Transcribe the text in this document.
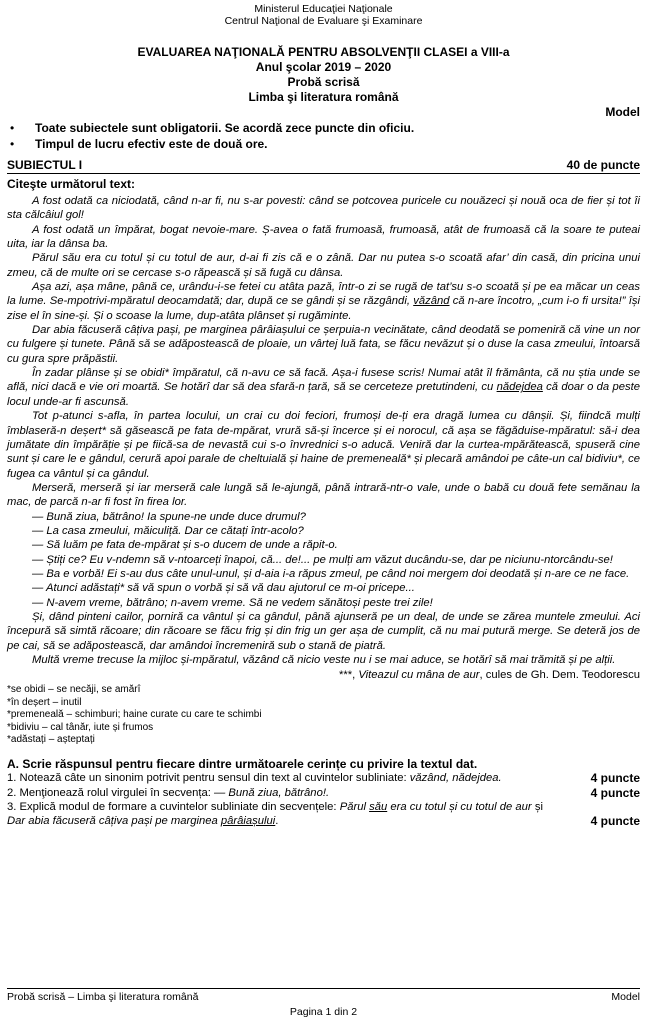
Ministerul Educaţiei Naţionale
Centrul Naţional de Evaluare şi Examinare
EVALUAREA NAŢIONALĂ PENTRU ABSOLVENŢII CLASEI a VIII-a
Anul şcolar 2019 – 2020
Probă scrisă
Limba şi literatura română
Model
• Toate subiectele sunt obligatorii. Se acordă zece puncte din oficiu.
• Timpul de lucru efectiv este de două ore.
SUBIECTUL I	40 de puncte
Citeşte următorul text:

A fost odată ca niciodată, când n-ar fi, nu s-ar povesti: când se potcovea puricele cu nouăzeci și nouă oca de fier și tot îi sta călcâiul gol!

A fost odată un împărat, bogat nevoie-mare. Ș-avea o fată frumoasă, frumoasă, atât de frumoasă că la soare te puteai uita, iar la dânsa ba.

Părul său era cu totul și cu totul de aur, d-ai fi zis că e o zână. Dar nu putea s-o scoată afar’ din casă, din pricina unui zmeu, că de multe ori se cercase s-o răpească și să fugă cu dânsa.

Așa azi, așa mâne, până ce, urându-i-se fetei cu atâta pază, într-o zi se rugă de tat’su s-o scoată și pe ea măcar un ceas la lume. Se-mpotrivi-mpăratul deocamdată; dar, după ce se gândi și se răzgândi, văzând că n-are încotro, „cum i-o fi ursita!” își zise el în sine-și. Și o scoase la lume, dup-atâta plânset și rugăminte.

Dar abia făcuseră câțiva pași, pe marginea pârâiașului ce șerpuia-n vecinătate, când deodată se pomeniră că vine un nor cu fulgere și tunete. Până să se adăpostească de ploaie, un vârtej luă fata, se făcu nevăzut și o duse la casa zmeului, întoarsă cu gura spre prăpăstii.

În zadar plânse și se obidi* împăratul, că n-avu ce să facă. Așa-i fusese scris! Numai atât îl frământa, că nu știa unde se află, nici dacă e vie ori moartă. Se hotărî dar să dea sfară-n țară, să se cerceteze pretutindeni, cu nădejdea că doar o da peste locul unde-ar fi ascunsă.

Tot p-atunci s-afla, în partea locului, un crai cu doi feciori, frumoși de-ți era dragă lumea cu dânșii. Și, fiindcă mulți îmblaseră-n deșert* să găsească pe fata de-mpărat, vrură să-și încerce și ei norocul, că așa se făgăduise-mpăratul: să-i dea jumătate din împărăție și pe fiică-sa de nevastă cui s-o învrednici s-o aducă. Veniră dar la curtea-mpărătească, spuseră cine sunt și care le e gândul, cerură apoi parale de cheltuială și haine de premeneală* și plecară amândoi pe câte-un cal bidiviu*, ce fugea ca vântul și ca gândul.

Merseră, merseră și iar merseră cale lungă să le-ajungă, până intrară-ntr-o vale, unde o babă cu două fete semănau la mac, de parcă n-ar fi fost în firea lor.

— Bună ziua, bătrâno! Ia spune-ne unde duce drumul?

— La casa zmeului, măiculiță. Dar ce cătați într-acolo?

— Să luăm pe fata de-mpărat și s-o ducem de unde a răpit-o.

— Știți ce? Eu v-ndemn să v-ntoarceți înapoi, că... de!... pe mulți am văzut ducându-se, dar pe niciunu-ntorcându-se!

— Ba e vorbă! Ei s-au dus câte unul-unul, și d-aia i-a răpus zmeul, pe când noi mergem doi deodată și n-are ce ne face.

— Atunci adăstați* să vă spun o vorbă și să vă dau ajutorul ce m-oi pricepe...

— N-avem vreme, bătrâno; n-avem vreme. Să ne vedem sănătoși peste trei zile!

Și, dând pinteni cailor, porniră ca vântul și ca gândul, până ajunseră pe un deal, de unde se zărea muntele zmeului. Aci începură să simtă răcoare; din răcoare se făcu frig și din frig un ger așa de cumplit, că nu mai putură merge. Se deteră jos de pe cai, să se adăpostească, dar amândoi încremeniră sub o stană de piatră.

Multă vreme trecuse la mijloc și-mpăratul, văzând că nicio veste nu i se mai aduce, se hotărî să mai trămită și pe alții.

***, Viteazul cu mâna de aur, cules de Gh. Dem. Teodorescu
*se obidi – se necăji, se amărî
*în deșert – inutil
*premeneală – schimburi; haine curate cu care te schimbi
*bidiviu – cal tânăr, iute și frumos
*adăstați – așteptați
A. Scrie răspunsul pentru fiecare dintre următoarele cerințe cu privire la textul dat.
1. Notează câte un sinonim potrivit pentru sensul din text al cuvintelor subliniate: văzând, nădejdea.	4 puncte
2. Menţionează rolul virgulei în secvența: — Bună ziua, bătrâno!.	4 puncte
3. Explică modul de formare a cuvintelor subliniate din secvențele: Părul său era cu totul și cu totul de aur și
Dar abia făcuseră câțiva pași pe marginea pârâiașului.	4 puncte
Probă scrisă – Limba şi literatura română	Model
Pagina 1 din 2
